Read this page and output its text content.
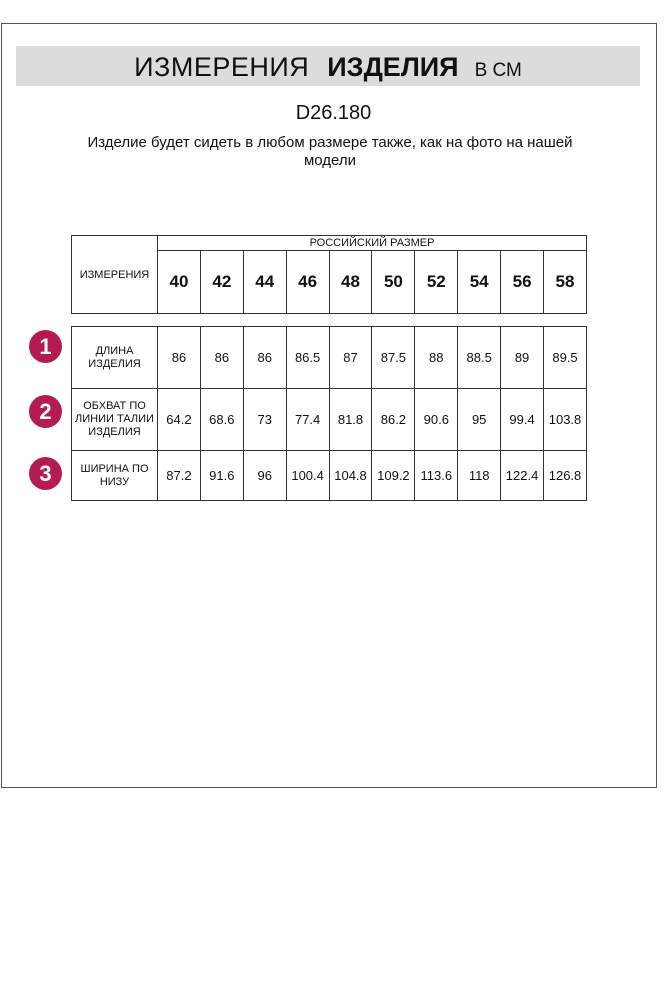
ИЗМЕРЕНИЯ ИЗДЕЛИЯ В СМ
D26.180
Изделие будет сидеть в любом размере также, как на фото на нашей модели
1
2
3
ИЗМЕРЕНИЯ	РОССИЙСКИЙ РАЗМЕР									
	40	42	44	46	48	50	52	54	56	58

ДЛИНА ИЗДЕЛИЯ	86	86	86	86.5	87	87.5	88	88.5	89	89.5
ОБХВАТ ПО ЛИНИИ ТАЛИИ ИЗДЕЛИЯ	64.2	68.6	73	77.4	81.8	86.2	90.6	95	99.4	103.8
ШИРИНА ПО НИЗУ	87.2	91.6	96	100.4	104.8	109.2	113.6	118	122.4	126.8
